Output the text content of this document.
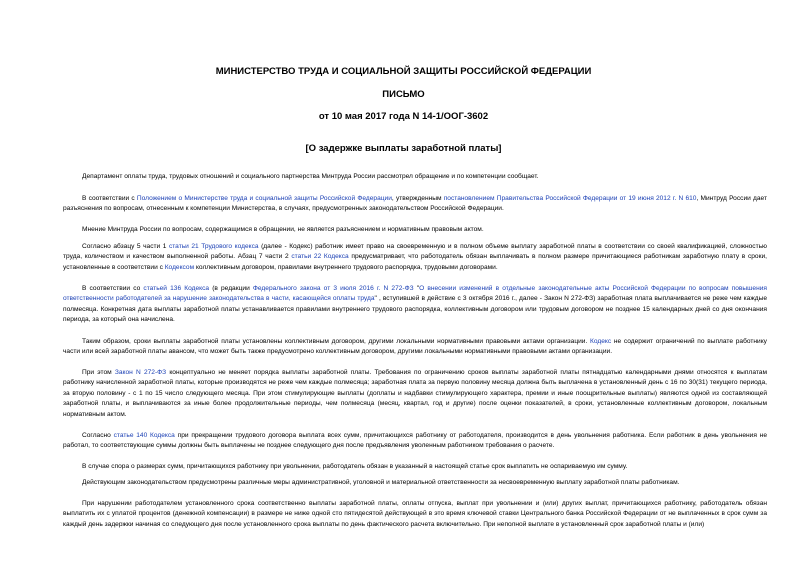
МИНИСТЕРСТВО ТРУДА И СОЦИАЛЬНОЙ ЗАЩИТЫ РОССИЙСКОЙ ФЕДЕРАЦИИ
ПИСЬМО
от 10 мая 2017 года N 14-1/ООГ-3602
[О задержке выплаты заработной платы]

Департамент оплаты труда, трудовых отношений и социального партнерства Минтруда России рассмотрел обращение и по компетенции сообщает.

В соответствии с Положением о Министерстве труда и социальной защиты Российской Федерации, утвержденным постановлением Правительства Российской Федерации от 19 июня 2012 г. N 610, Минтруд России дает разъяснения по вопросам, отнесенным к компетенции Министерства, в случаях, предусмотренных законодательством Российской Федерации.

Мнение Минтруда России по вопросам, содержащимся в обращении, не является разъяснением и нормативным правовым актом.

Согласно абзацу 5 части 1 статьи 21 Трудового кодекса (далее - Кодекс) работник имеет право на своевременную и в полном объеме выплату заработной платы в соответствии со своей квалификацией, сложностью труда, количеством и качеством выполненной работы. Абзац 7 части 2 статьи 22 Кодекса предусматривает, что работодатель обязан выплачивать в полном размере причитающиеся работникам заработную плату в сроки, установленные в соответствии с Кодексом коллективным договором, правилами внутреннего трудового распорядка, трудовыми договорами.

В соответствии со статьей 136 Кодекса (в редакции Федерального закона от 3 июля 2016 г. N 272-ФЗ "О внесении изменений в отдельные законодательные акты Российской Федерации по вопросам повышения ответственности работодателей за нарушение законодательства в части, касающейся оплаты труда" , вступившей в действие с 3 октября 2016 г., далее - Закон N 272-ФЗ) заработная плата выплачивается не реже чем каждые полмесяца. Конкретная дата выплаты заработной платы устанавливается правилами внутреннего трудового распорядка, коллективным договором или трудовым договором не позднее 15 календарных дней со дня окончания периода, за который она начислена.

Таким образом, сроки выплаты заработной платы установлены коллективным договором, другими локальными нормативными правовыми актами организации. Кодекс не содержит ограничений по выплате работнику части или всей заработной платы авансом, что может быть также предусмотрено коллективным договором, другими локальными нормативными правовыми актами организации.

При этом Закон N 272-ФЗ концептуально не меняет порядка выплаты заработной платы. Требования по ограничению сроков выплаты заработной платы пятнадцатью календарными днями относятся к выплатам работнику начисленной заработной платы, которые производятся не реже чем каждые полмесяца; заработная плата за первую половину месяца должна быть выплачена в установленный день с 16 по 30(31) текущего периода, за вторую половину - с 1 по 15 число следующего месяца. При этом стимулирующие выплаты (доплаты и надбавки стимулирующего характера, премии и иные поощрительные выплаты) являются одной из составляющей заработной платы, и выплачиваются за иные более продолжительные периоды, чем полмесяца (месяц, квартал, год и другие) после оценки показателей, в сроки, установленные коллективным договором, локальным нормативным актом.

Согласно статье 140 Кодекса при прекращении трудового договора выплата всех сумм, причитающихся работнику от работодателя, производится в день увольнения работника. Если работник в день увольнения не работал, то соответствующие суммы должны быть выплачены не позднее следующего дня после предъявления уволенным работником требования о расчете.

В случае спора о размерах сумм, причитающихся работнику при увольнении, работодатель обязан в указанный в настоящей статье срок выплатить не оспариваемую им сумму.

Действующим законодательством предусмотрены различные меры административной, уголовной и материальной ответственности за несвоевременную выплату заработной платы работникам.

При нарушении работодателем установленного срока соответственно выплаты заработной платы, оплаты отпуска, выплат при увольнении и (или) других выплат, причитающихся работнику, работодатель обязан выплатить их с уплатой процентов (денежной компенсации) в размере не ниже одной сто пятидесятой действующей в это время ключевой ставки Центрального банка Российской Федерации от не выплаченных в срок сумм за каждый день задержки начиная со следующего дня после установленного срока выплаты по день фактического расчета включительно. При неполной выплате в установленный срок заработной платы и (или)
